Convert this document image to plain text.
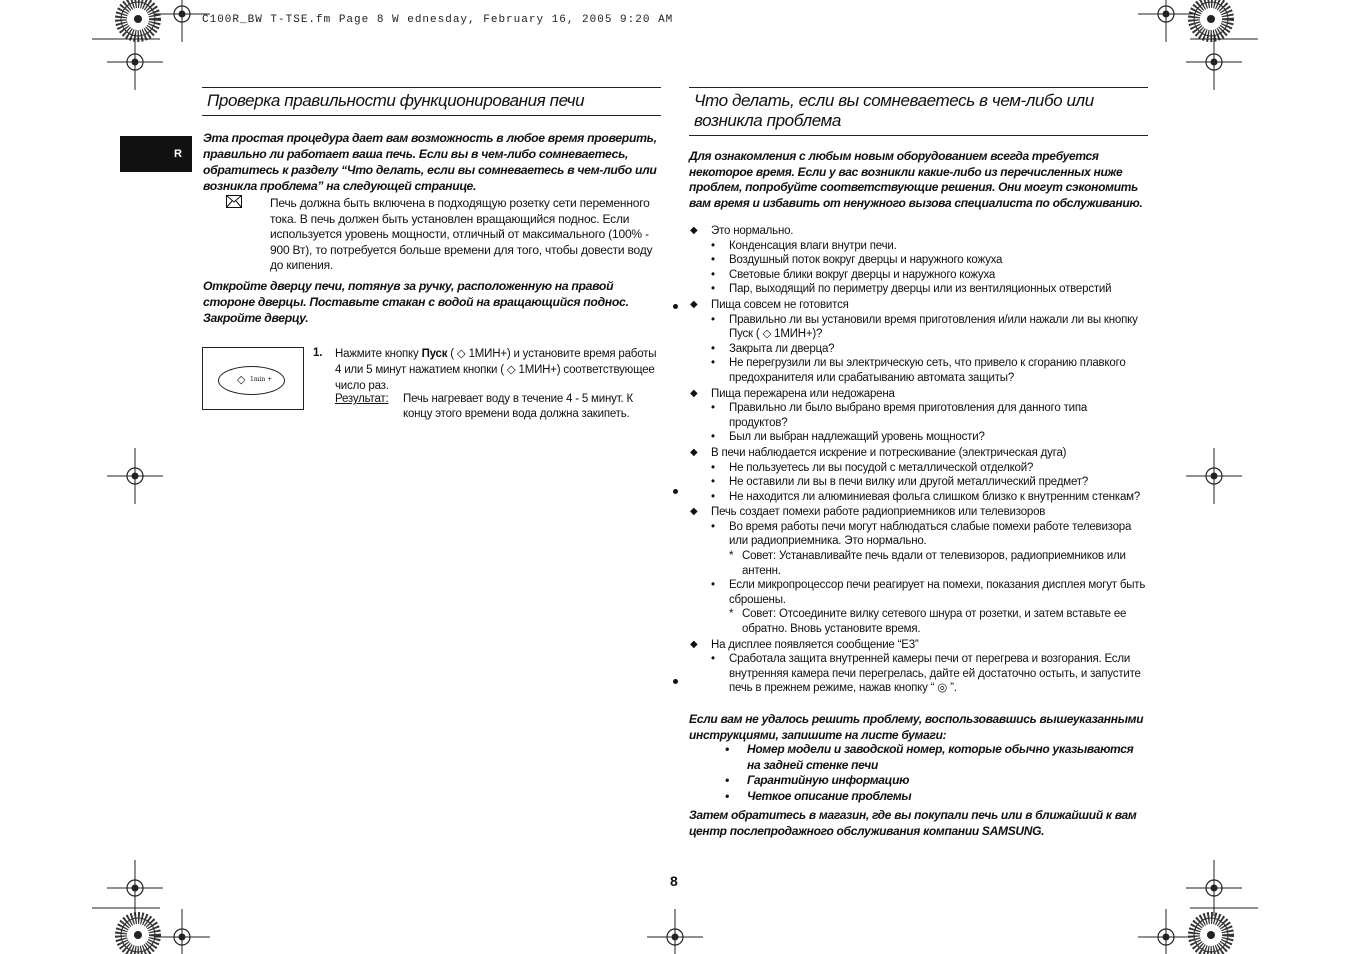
C100R_BW T-TSE.fm Page 8 W ednesday, February 16, 2005 9:20 AM
R
Проверка правильности функционирования печи
Эта простая процедура дает вам возможность в любое время проверить, правильно ли работает ваша печь. Если вы в чем-либо сомневаетесь, обратитесь к разделу “Что делать, если вы сомневаетесь в чем-либо или возникла проблема” на следующей странице.
Печь должна быть включена в подходящую розетку сети переменного тока. В печь должен быть установлен вращающийся поднос. Если используется уровень мощности, отличный от максимального (100% - 900 Вт), то потребуется больше времени для того, чтобы довести воду до кипения.
Откройте дверцу печи, потянув за ручку, расположенную на правой стороне дверцы. Поставьте стакан с водой на вращающийся поднос. Закройте дверцу.
◇ 1min +
1. Нажмите кнопку Пуск ( ◇ 1МИН+) и установите время работы 4 или 5 минут нажатием кнопки ( ◇ 1МИН+) соответствующее число раз.
Результат: Печь нагревает воду в течение 4 - 5 минут. К концу этого времени вода должна закипеть.
Что делать, если вы сомневаетесь в чем-либо или возникла проблема
Для ознакомления с любым новым оборудованием всегда требуется некоторое время. Если у вас возникли какие-либо из перечисленных ниже проблем, попробуйте соответствующие решения. Они могут сэкономить вам время и избавить от ненужного вызова специалиста по обслуживанию.
◆ Это нормально.
• Конденсация влаги внутри печи.
• Воздушный поток вокруг дверцы и наружного кожуха
• Световые блики вокруг дверцы и наружного кожуха
• Пар, выходящий по периметру дверцы или из вентиляционных отверстий
◆ Пища совсем не готовится
• Правильно ли вы установили время приготовления и/или нажали ли вы кнопку Пуск ( ◇ 1МИН+)?
• Закрыта ли дверца?
• Не перегрузили ли вы электрическую сеть, что привело к сгоранию плавкого предохранителя или срабатыванию автомата защиты?
◆ Пища пережарена или недожарена
• Правильно ли было выбрано время приготовления для данного типа продуктов?
• Был ли выбран надлежащий уровень мощности?
◆ В печи наблюдается искрение и потрескивание (электрическая дуга)
• Не пользуетесь ли вы посудой с металлической отделкой?
• Не оставили ли вы в печи вилку или другой металлический предмет?
• Не находится ли алюминиевая фольга слишком близко к внутренним стенкам?
◆ Печь создает помехи работе радиоприемников или телевизоров
• Во время работы печи могут наблюдаться слабые помехи работе телевизора или радиоприемника. Это нормально.
* Совет: Устанавливайте печь вдали от телевизоров, радиоприемников или антенн.
• Если микропроцессор печи реагирует на помехи, показания дисплея могут быть сброшены.
* Совет: Отсоедините вилку сетевого шнура от розетки, и затем вставьте ее обратно. Вновь установите время.
◆ На дисплее появляется сообщение “E3”
• Сработала защита внутренней камеры печи от перегрева и возгорания. Если внутренняя камера печи перегрелась, дайте ей достаточно остыть, и запустите печь в прежнем режиме, нажав кнопку “ ◎ ”.
Если вам не удалось решить проблему, воспользовавшись вышеуказанными инструкциями, запишите на листе бумаги:
• Номер модели и заводской номер, которые обычно указываются на задней стенке печи
• Гарантийную информацию
• Четкое описание проблемы
Затем обратитесь в магазин, где вы покупали печь или в ближайший к вам центр послепродажного обслуживания компании SAMSUNG.
8
